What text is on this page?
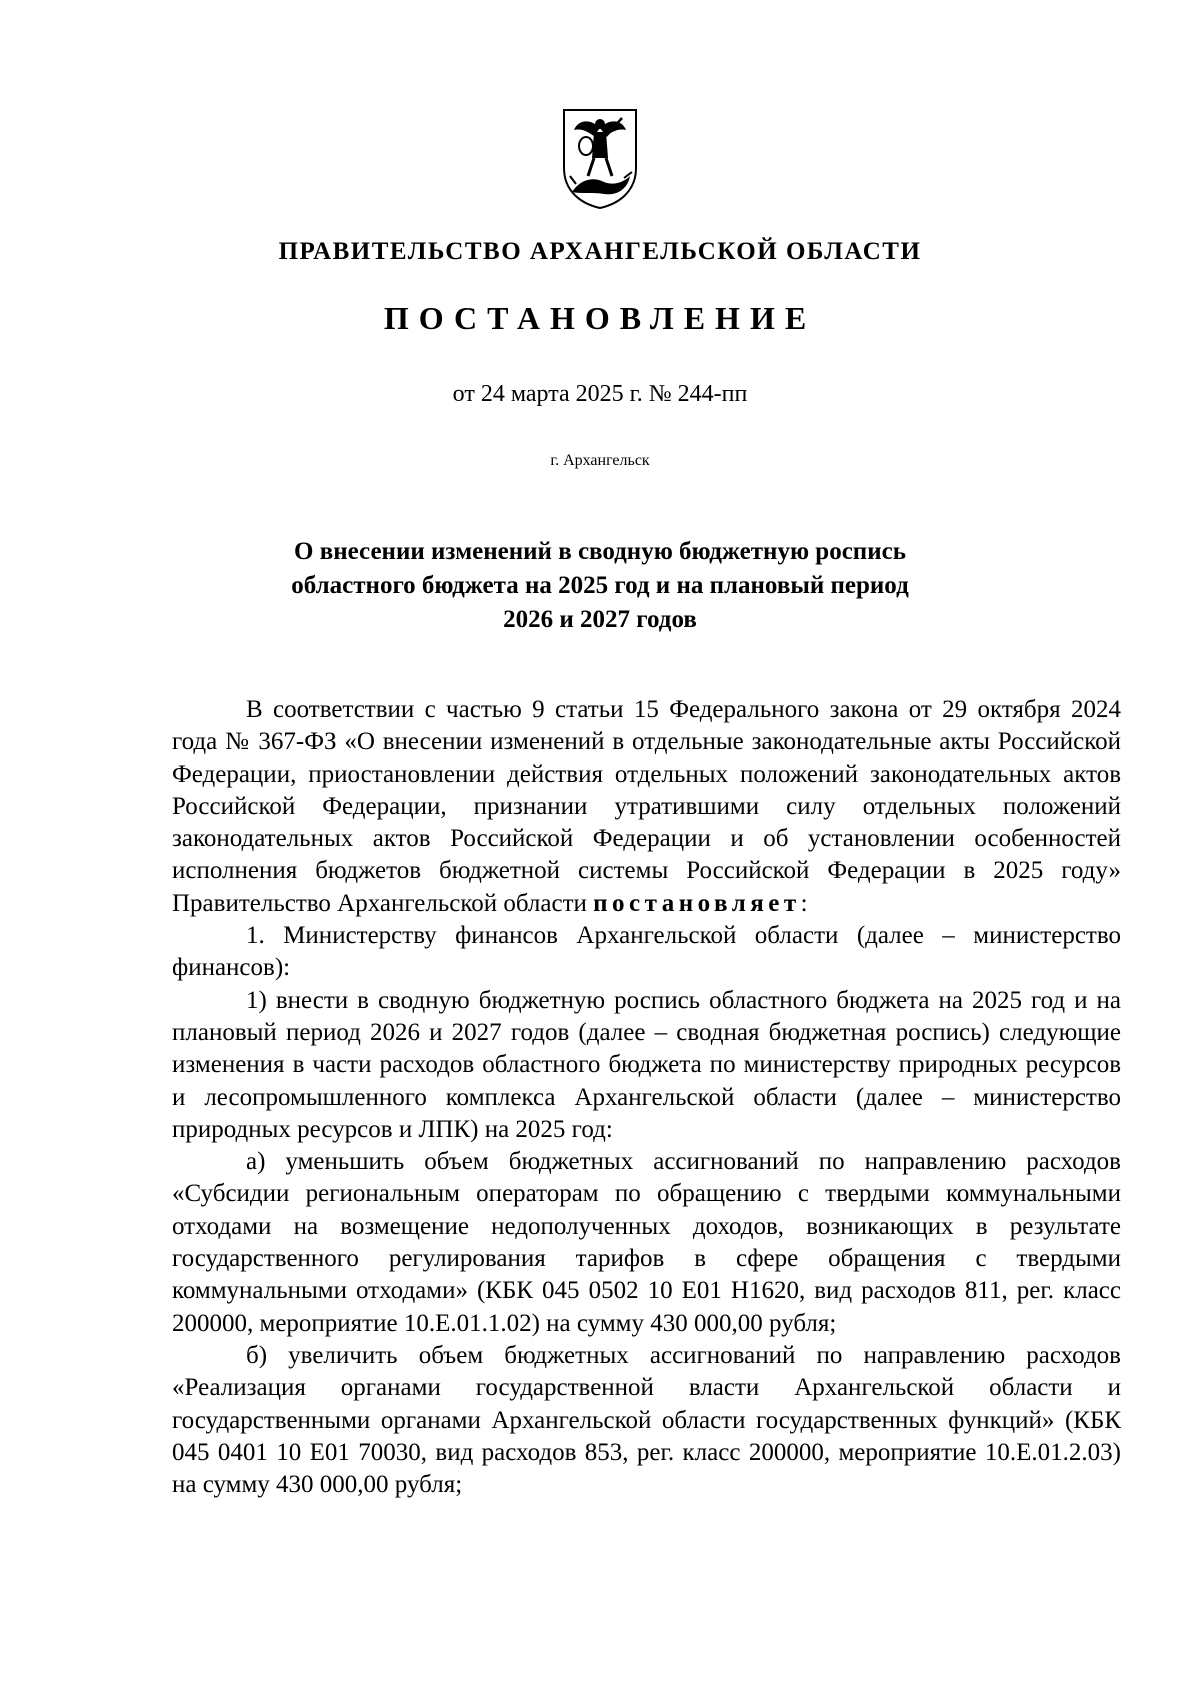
ПРАВИТЕЛЬСТВО АРХАНГЕЛЬСКОЙ ОБЛАСТИ
ПОСТАНОВЛЕНИЕ
от 24 марта 2025 г. № 244-пп
г. Архангельск
О внесении изменений в сводную бюджетную роспись
областного бюджета на 2025 год и на плановый период
2026 и 2027 годов

В соответствии с частью 9 статьи 15 Федерального закона от 29 октября 2024 года № 367-ФЗ «О внесении изменений в отдельные законодательные акты Российской Федерации, приостановлении действия отдельных положений законодательных актов Российской Федерации, признании утратившими силу отдельных положений законодательных актов Российской Федерации и об установлении особенностей исполнения бюджетов бюджетной системы Российской Федерации в 2025 году» Правительство Архангельской области постановляет:

1. Министерству финансов Архангельской области (далее – министерство финансов):

1) внести в сводную бюджетную роспись областного бюджета на 2025 год и на плановый период 2026 и 2027 годов (далее – сводная бюджетная роспись) следующие изменения в части расходов областного бюджета по министерству природных ресурсов и лесопромышленного комплекса Архангельской области (далее – министерство природных ресурсов и ЛПК) на 2025 год:

а) уменьшить объем бюджетных ассигнований по направлению расходов «Субсидии региональным операторам по обращению с твердыми коммунальными отходами на возмещение недополученных доходов, возникающих в результате государственного регулирования тарифов в сфере обращения с твердыми коммунальными отходами» (КБК 045 0502 10 Е01 Н1620, вид расходов 811, рег. класс 200000, мероприятие 10.Е.01.1.02) на сумму 430 000,00 рубля;

б) увеличить объем бюджетных ассигнований по направлению расходов «Реализация органами государственной власти Архангельской области и государственными органами Архангельской области государственных функций» (КБК 045 0401 10 Е01 70030, вид расходов 853, рег. класс 200000, мероприятие 10.Е.01.2.03) на сумму 430 000,00 рубля;
